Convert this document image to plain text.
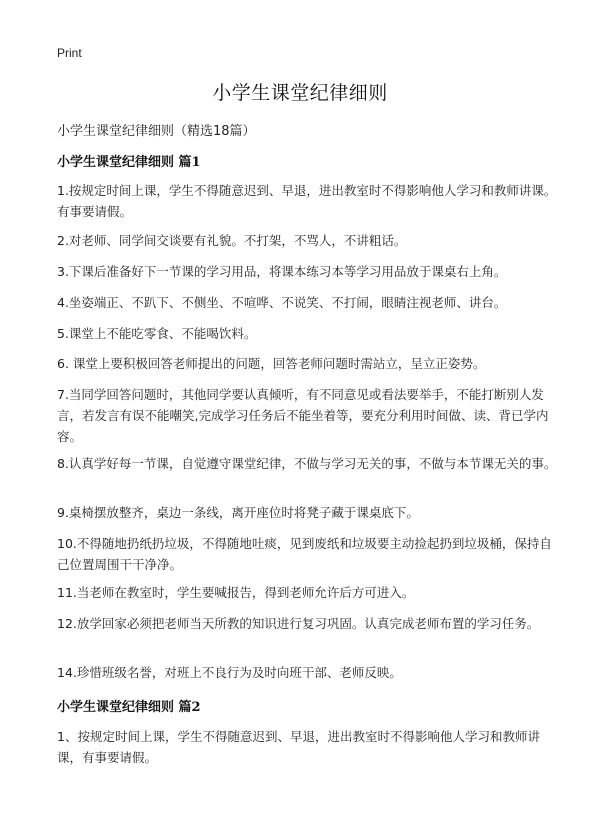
Print
小学生课堂纪律细则
小学生课堂纪律细则（精选18篇）
小学生课堂纪律细则 篇1

1.按规定时间上课，学生不得随意迟到、早退，进出教室时不得影响他人学习和教师讲课。有事要请假。

2.对老师、同学间交谈要有礼貌。不打架，不骂人，不讲粗话。

3.下课后准备好下一节课的学习用品，将课本练习本等学习用品放于课桌右上角。

4.坐姿端正、不趴下、不侧坐、不喧哗、不说笑、不打闹，眼睛注视老师、讲台。

5.课堂上不能吃零食、不能喝饮料。

6. 课堂上要积极回答老师提出的问题，回答老师问题时需站立，呈立正姿势。

7.当同学回答问题时，其他同学要认真倾听，有不同意见或看法要举手，不能打断别人发言，若发言有误不能嘲笑,完成学习任务后不能坐着等，要充分利用时间做、读、背已学内容。

8.认真学好每一节课，自觉遵守课堂纪律，不做与学习无关的事，不做与本节课无关的事。

9.桌椅摆放整齐，桌边一条线，离开座位时将凳子藏于课桌底下。

10.不得随地扔纸扔垃圾，不得随地吐痰，见到废纸和垃圾要主动捡起扔到垃圾桶，保持自己位置周围干干净净。

11.当老师在教室时，学生要喊报告，得到老师允许后方可进入。

12.放学回家必须把老师当天所教的知识进行复习巩固。认真完成老师布置的学习任务。

14.珍惜班级名誉，对班上不良行为及时向班干部、老师反映。

小学生课堂纪律细则 篇2

1、按规定时间上课，学生不得随意迟到、早退，进出教室时不得影响他人学习和教师讲课，有事要请假。
